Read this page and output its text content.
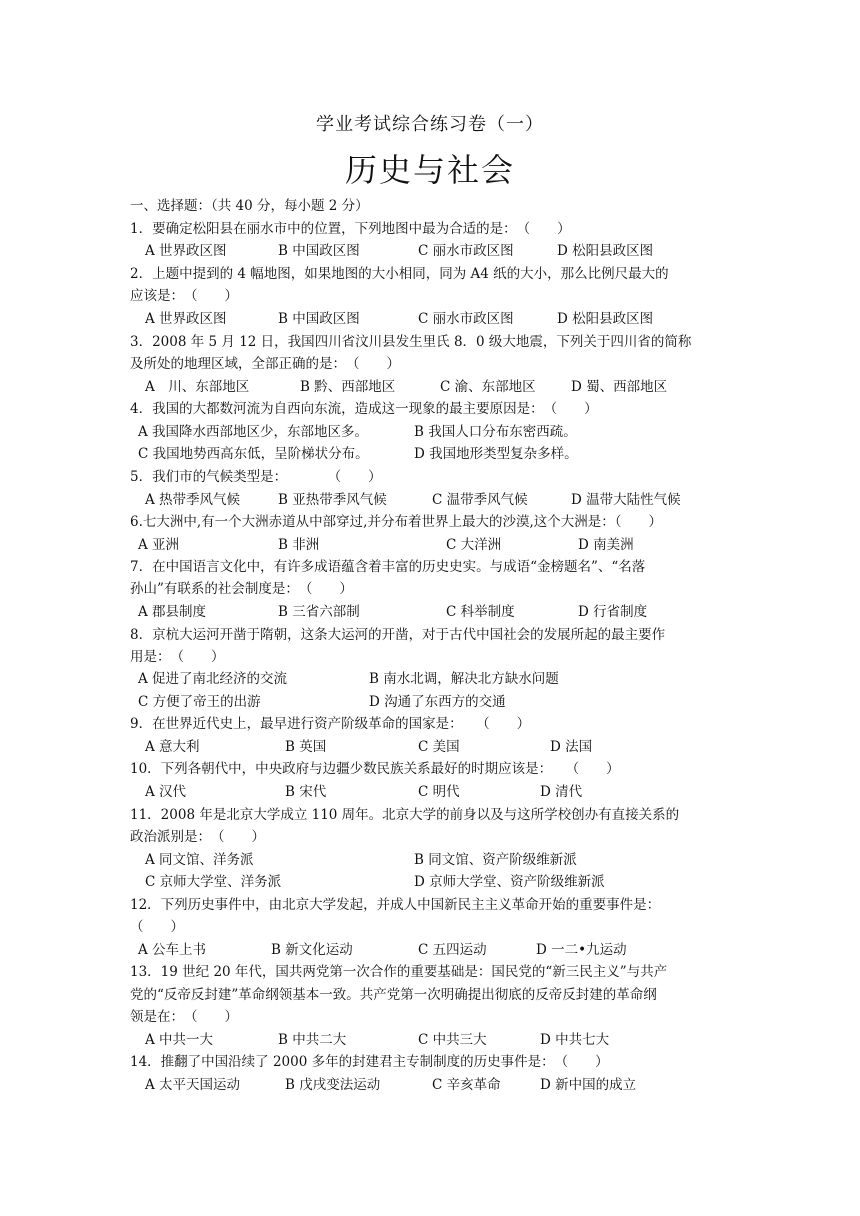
学业考试综合练习卷（一）
历史与社会
一、选择题：（共 40 分，每小题 2 分）
1．要确定松阳县在丽水市中的位置，下列地图中最为合适的是：　（　　）
A 世界政区图	B 中国政区图	C 丽水市政区图	D 松阳县政区图
2．上题中提到的 4 幅地图，如果地图的大小相同，同为 A4 纸的大小，那么比例尺最大的
应该是：　（　　）
A 世界政区图	B 中国政区图	C 丽水市政区图	D 松阳县政区图
3．2008 年 5 月 12 日，我国四川省汶川县发生里氏 8．0 级大地震，下列关于四川省的简称
及所处的地理区域，全部正确的是：　（　　）
A　川、东部地区	B 黔、西部地区	C 渝、东部地区	D 蜀、西部地区
4．我国的大都数河流为自西向东流，造成这一现象的最主要原因是：　（　　）
A 我国降水西部地区少，东部地区多。	B 我国人口分布东密西疏。
C 我国地势西高东低，呈阶梯状分布。	D 我国地形类型复杂多样。
5．我们市的气候类型是：　　　　（　　）
A 热带季风气候	B 亚热带季风气候	C 温带季风气候	D 温带大陆性气候
6.七大洲中,有一个大洲赤道从中部穿过,并分布着世界上最大的沙漠,这个大洲是：（　　）
A 亚洲	B 非洲	C 大洋洲	D 南美洲
7．在中国语言文化中，有许多成语蕴含着丰富的历史史实。与成语“金榜题名”、“名落
孙山”有联系的社会制度是：　（　　）
A 郡县制度	B 三省六部制	C 科举制度	D 行省制度
8．京杭大运河开凿于隋朝，这条大运河的开凿，对于古代中国社会的发展所起的最主要作
用是：　（　　）
A 促进了南北经济的交流	B 南水北调，解决北方缺水问题
C 方便了帝王的出游	D 沟通了东西方的交通
9．在世界近代史上，最早进行资产阶级革命的国家是：　　（　　）
A 意大利	B 英国	C 美国	D 法国
10．下列各朝代中，中央政府与边疆少数民族关系最好的时期应该是：　　（　　）
A 汉代	B 宋代	C 明代	D 清代
11．2008 年是北京大学成立 110 周年。北京大学的前身以及与这所学校创办有直接关系的
政治派别是：　（　　）
A 同文馆、洋务派	B 同文馆、资产阶级维新派
C 京师大学堂、洋务派	D 京师大学堂、资产阶级维新派
12．下列历史事件中，由北京大学发起，并成人中国新民主主义革命开始的重要事件是：
（　　）
A 公车上书	B 新文化运动	C 五四运动	D 一二•九运动
13．19 世纪 20 年代，国共两党第一次合作的重要基础是：国民党的“新三民主义”与共产
党的“反帝反封建”革命纲领基本一致。共产党第一次明确提出彻底的反帝反封建的革命纲
领是在：　（　　）
A 中共一大	B 中共二大	C 中共三大	D 中共七大
14．推翻了中国沿续了 2000 多年的封建君主专制制度的历史事件是：　（　　）
A 太平天国运动	B 戊戌变法运动	C 辛亥革命	D 新中国的成立
